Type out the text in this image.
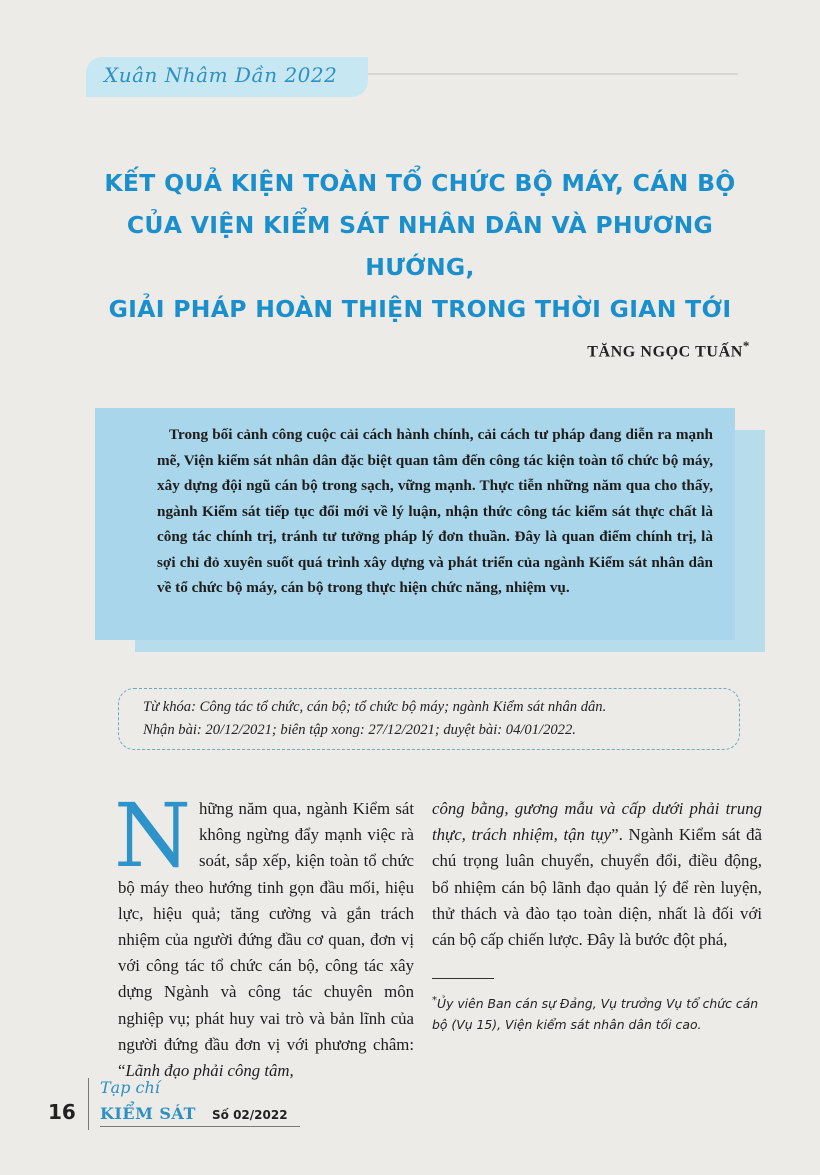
Xuân Nhâm Dần 2022
KẾT QUẢ KIỆN TOÀN TỔ CHỨC BỘ MÁY, CÁN BỘ
CỦA VIỆN KIỂM SÁT NHÂN DÂN VÀ PHƯƠNG HƯỚNG,
GIẢI PHÁP HOÀN THIỆN TRONG THỜI GIAN TỚI
TĂNG NGỌC TUẤN*

Trong bối cảnh công cuộc cải cách hành chính, cải cách tư pháp đang diễn ra mạnh mẽ, Viện kiểm sát nhân dân đặc biệt quan tâm đến công tác kiện toàn tổ chức bộ máy, xây dựng đội ngũ cán bộ trong sạch, vững mạnh. Thực tiễn những năm qua cho thấy, ngành Kiểm sát tiếp tục đổi mới về lý luận, nhận thức công tác kiểm sát thực chất là công tác chính trị, tránh tư tưởng pháp lý đơn thuần. Đây là quan điểm chính trị, là sợi chỉ đỏ xuyên suốt quá trình xây dựng và phát triển của ngành Kiểm sát nhân dân về tổ chức bộ máy, cán bộ trong thực hiện chức năng, nhiệm vụ.

Từ khóa: Công tác tổ chức, cán bộ; tổ chức bộ máy; ngành Kiểm sát nhân dân.
Nhận bài: 20/12/2021; biên tập xong: 27/12/2021; duyệt bài: 04/01/2022.

Những năm qua, ngành Kiểm sát không ngừng đẩy mạnh việc rà soát, sắp xếp, kiện toàn tổ chức bộ máy theo hướng tinh gọn đầu mối, hiệu lực, hiệu quả; tăng cường và gắn trách nhiệm của người đứng đầu cơ quan, đơn vị với công tác tổ chức cán bộ, công tác xây dựng Ngành và công tác chuyên môn nghiệp vụ; phát huy vai trò và bản lĩnh của người đứng đầu đơn vị với phương châm: “Lãnh đạo phải công tâm,

công bằng, gương mẫu và cấp dưới phải trung thực, trách nhiệm, tận tụy”. Ngành Kiểm sát đã chú trọng luân chuyển, chuyển đổi, điều động, bổ nhiệm cán bộ lãnh đạo quản lý để rèn luyện, thử thách và đào tạo toàn diện, nhất là đối với cán bộ cấp chiến lược. Đây là bước đột phá,

*Ủy viên Ban cán sự Đảng, Vụ trưởng Vụ tổ chức cán bộ (Vụ 15), Viện kiểm sát nhân dân tối cao.
16
Tạp chí
KIỂM SÁT Số 02/2022
